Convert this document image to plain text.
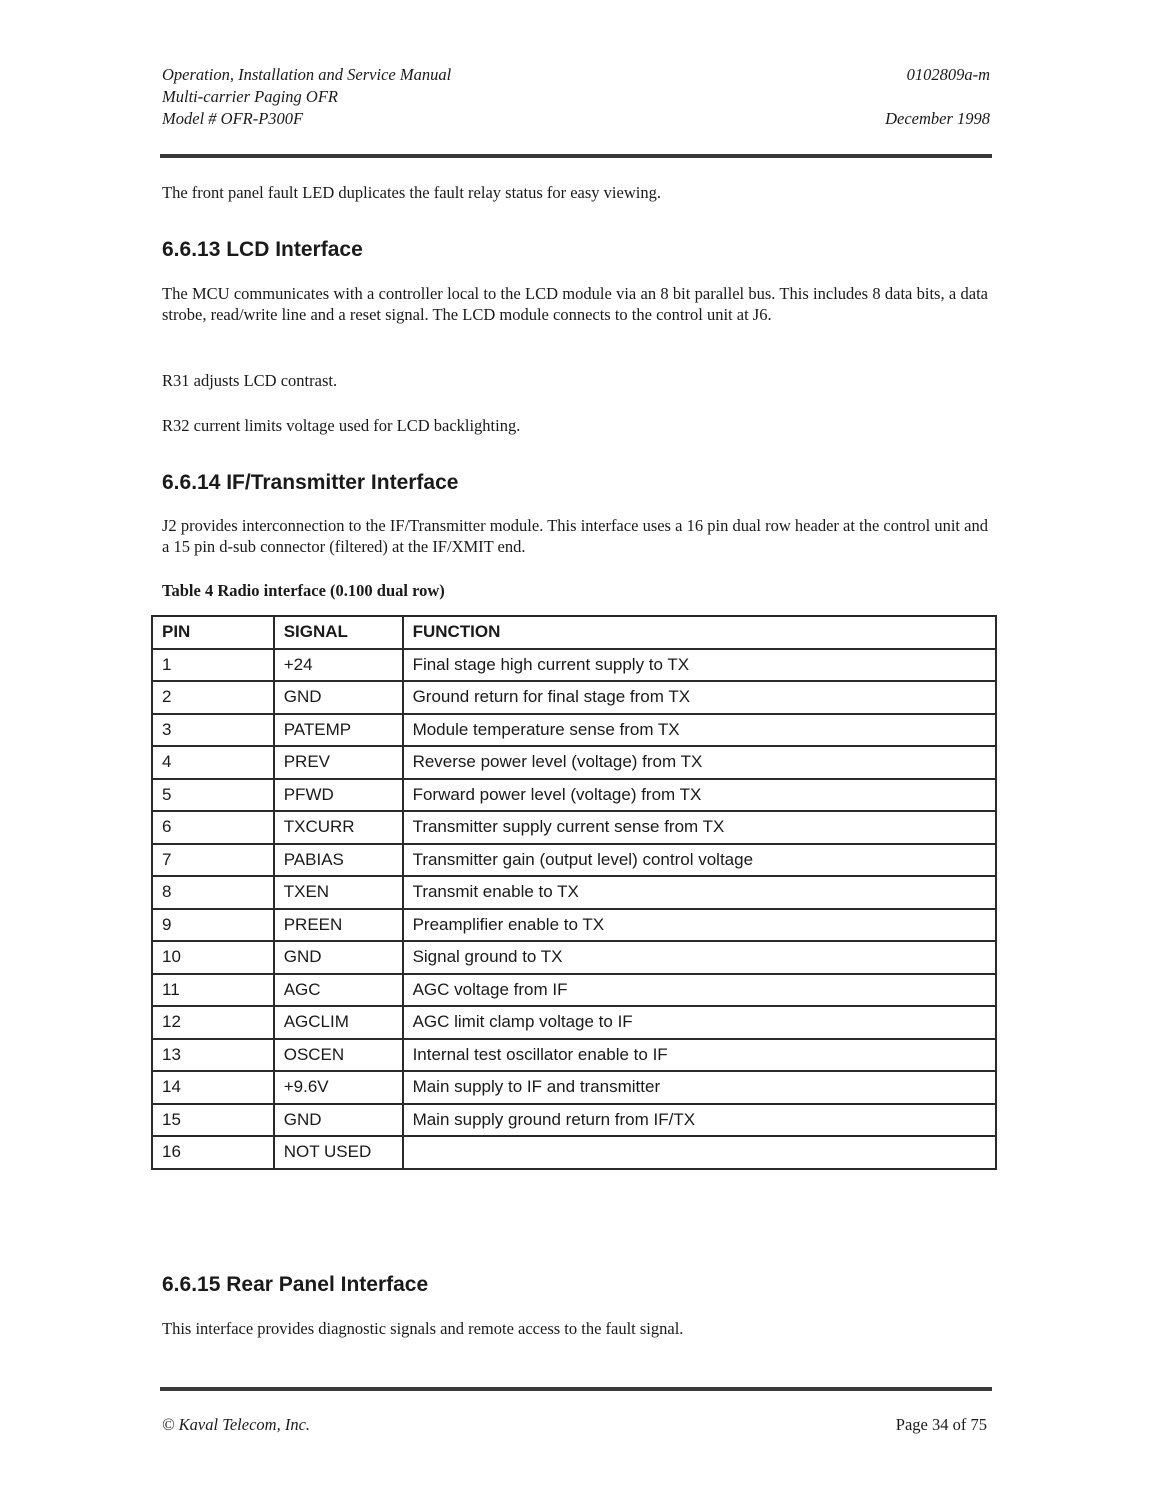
Operation, Installation and Service Manual
Multi-carrier Paging OFR
Model # OFR-P300F
0102809a-m
December 1998
The front panel fault LED duplicates the fault relay status for easy viewing.
6.6.13 LCD Interface
The MCU communicates with a controller local to the LCD module via an 8 bit parallel bus. This includes 8 data bits, a data strobe, read/write line and a reset signal. The LCD module connects to the control unit at J6.
R31 adjusts LCD contrast.
R32 current limits voltage used for LCD backlighting.
6.6.14 IF/Transmitter Interface
J2 provides interconnection to the IF/Transmitter module. This interface uses a 16 pin dual row header at the control unit and a 15 pin d-sub connector (filtered) at the IF/XMIT end.
Table 4 Radio interface (0.100 dual row)
PIN	SIGNAL	FUNCTION
1	+24	Final stage high current supply to TX
2	GND	Ground return for final stage from TX
3	PATEMP	Module temperature sense from TX
4	PREV	Reverse power level (voltage) from TX
5	PFWD	Forward power level (voltage) from TX
6	TXCURR	Transmitter supply current sense from TX
7	PABIAS	Transmitter gain (output level) control voltage
8	TXEN	Transmit enable to TX
9	PREEN	Preamplifier enable to TX
10	GND	Signal ground to TX
11	AGC	AGC voltage from IF
12	AGCLIM	AGC limit clamp voltage to IF
13	OSCEN	Internal test oscillator enable to IF
14	+9.6V	Main supply to IF and transmitter
15	GND	Main supply ground return from IF/TX
16	NOT USED	
6.6.15 Rear Panel Interface
This interface provides diagnostic signals and remote access to the fault signal.
© Kaval Telecom, Inc.	Page 34 of 75
